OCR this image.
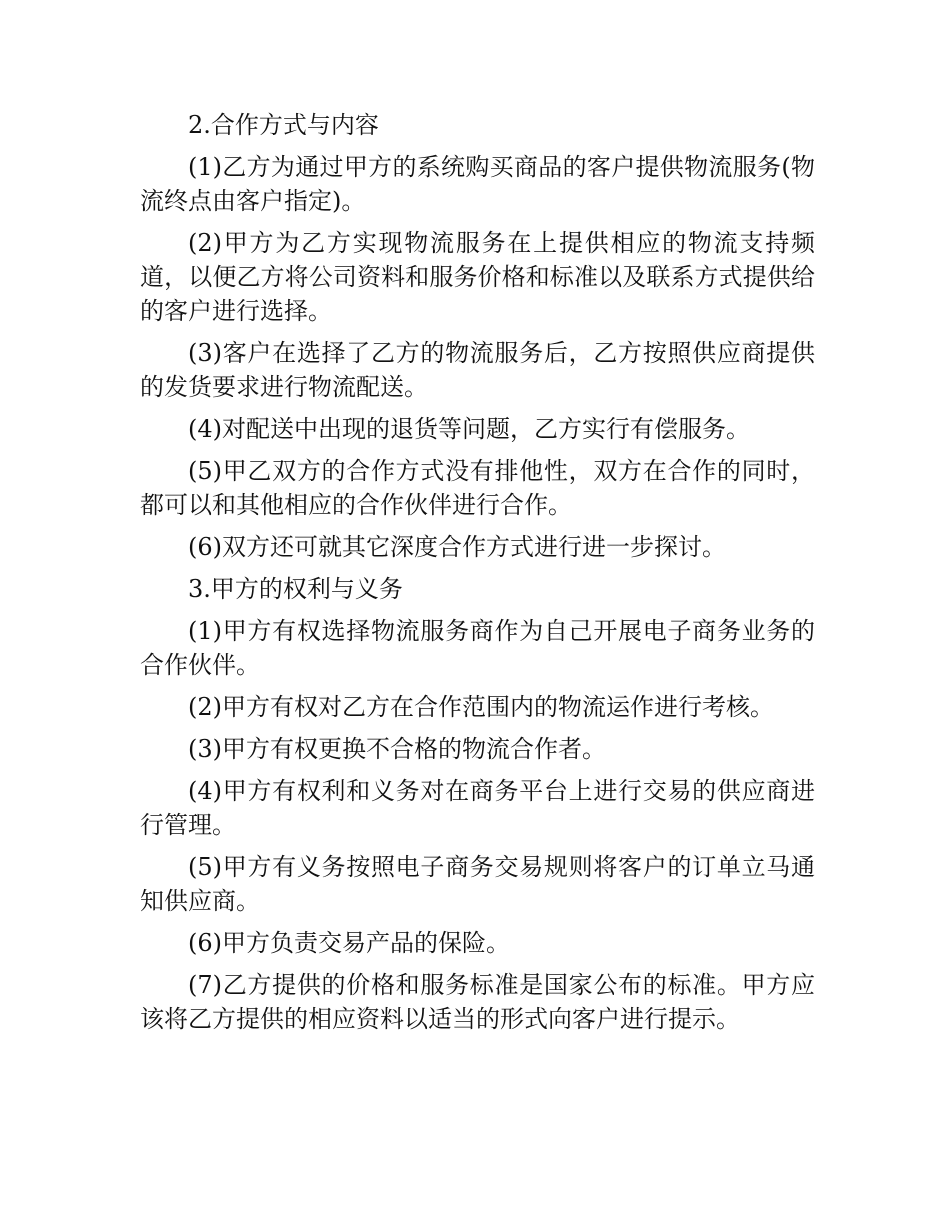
2.合作方式与内容

(1)乙方为通过甲方的系统购买商品的客户提供物流服务(物流终点由客户指定)。

(2)甲方为乙方实现物流服务在上提供相应的物流支持频道，以便乙方将公司资料和服务价格和标准以及联系方式提供给的客户进行选择。

(3)客户在选择了乙方的物流服务后，乙方按照供应商提供的发货要求进行物流配送。

(4)对配送中出现的退货等问题，乙方实行有偿服务。

(5)甲乙双方的合作方式没有排他性，双方在合作的同时，都可以和其他相应的合作伙伴进行合作。

(6)双方还可就其它深度合作方式进行进一步探讨。

3.甲方的权利与义务

(1)甲方有权选择物流服务商作为自己开展电子商务业务的合作伙伴。

(2)甲方有权对乙方在合作范围内的物流运作进行考核。

(3)甲方有权更换不合格的物流合作者。

(4)甲方有权利和义务对在商务平台上进行交易的供应商进行管理。

(5)甲方有义务按照电子商务交易规则将客户的订单立马通知供应商。

(6)甲方负责交易产品的保险。

(7)乙方提供的价格和服务标准是国家公布的标准。甲方应该将乙方提供的相应资料以适当的形式向客户进行提示。
